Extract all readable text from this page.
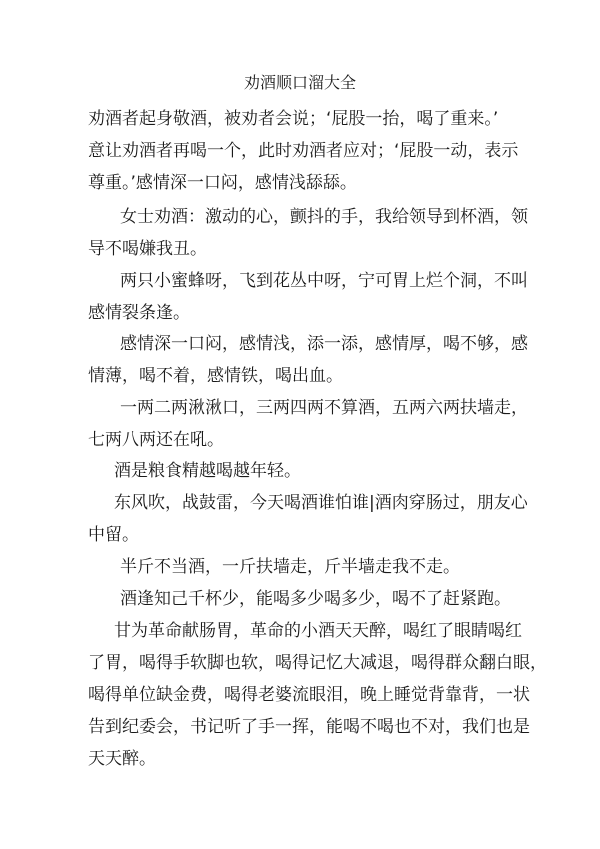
劝酒顺口溜大全

劝酒者起身敬酒，被劝者会说；‘屁股一抬，喝了重来。’

意让劝酒者再喝一个，此时劝酒者应对；‘屁股一动，表示

尊重。’感情深一口闷，感情浅舔舔。

女士劝酒：激动的心，颤抖的手，我给领导到杯酒，领

导不喝嫌我丑。

两只小蜜蜂呀，飞到花丛中呀，宁可胃上烂个洞，不叫

感情裂条逢。

感情深一口闷，感情浅，添一添，感情厚，喝不够，感

情薄，喝不着，感情铁，喝出血。

一两二两湫湫口，三两四两不算酒，五两六两扶墙走，

七两八两还在吼。

酒是粮食精越喝越年轻。

东风吹，战鼓雷，今天喝酒谁怕谁|酒肉穿肠过，朋友心

中留。

半斤不当酒，一斤扶墙走，斤半墙走我不走。

酒逢知己千杯少，能喝多少喝多少，喝不了赶紧跑。

甘为革命献肠胃，革命的小酒天天醉，喝红了眼睛喝红

了胃，喝得手软脚也软，喝得记忆大减退，喝得群众翻白眼，

喝得单位缺金费，喝得老婆流眼泪，晚上睡觉背靠背，一状

告到纪委会，书记听了手一挥，能喝不喝也不对，我们也是

天天醉。
